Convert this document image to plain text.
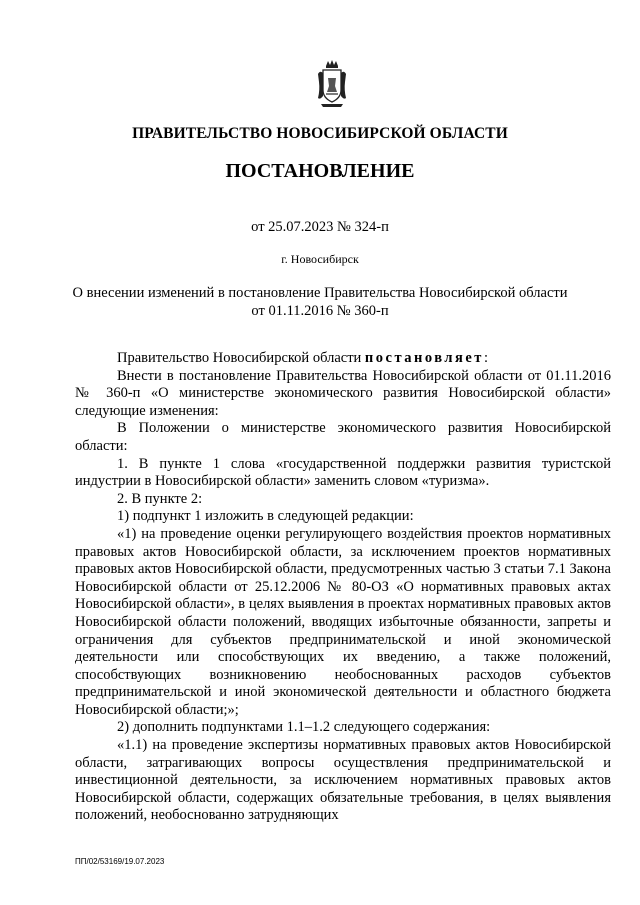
ПРАВИТЕЛЬСТВО НОВОСИБИРСКОЙ ОБЛАСТИ
ПОСТАНОВЛЕНИЕ
от 25.07.2023 № 324-п
г. Новосибирск
О внесении изменений в постановление Правительства Новосибирской области
от 01.11.2016 № 360-п

Правительство Новосибирской области постановляет:

Внести в постановление Правительства Новосибирской области от 01.11.2016 № 360-п «О министерстве экономического развития Новосибирской области» следующие изменения:

В Положении о министерстве экономического развития Новосибирской области:

1. В пункте 1 слова «государственной поддержки развития туристской индустрии в Новосибирской области» заменить словом «туризма».

2. В пункте 2:

1) подпункт 1 изложить в следующей редакции:

«1) на проведение оценки регулирующего воздействия проектов нормативных правовых актов Новосибирской области, за исключением проектов нормативных правовых актов Новосибирской области, предусмотренных частью 3 статьи 7.1 Закона Новосибирской области от 25.12.2006 № 80-ОЗ «О нормативных правовых актах Новосибирской области», в целях выявления в проектах нормативных правовых актов Новосибирской области положений, вводящих избыточные обязанности, запреты и ограничения для субъектов предпринимательской и иной экономической деятельности или способствующих их введению, а также положений, способствующих возникновению необоснованных расходов субъектов предпринимательской и иной экономической деятельности и областного бюджета Новосибирской области;»;

2) дополнить подпунктами 1.1–1.2 следующего содержания:

«1.1) на проведение экспертизы нормативных правовых актов Новосибирской области, затрагивающих вопросы осуществления предпринимательской и инвестиционной деятельности, за исключением нормативных правовых актов Новосибирской области, содержащих обязательные требования, в целях выявления положений, необоснованно затрудняющих

ПП/02/53169/19.07.2023
